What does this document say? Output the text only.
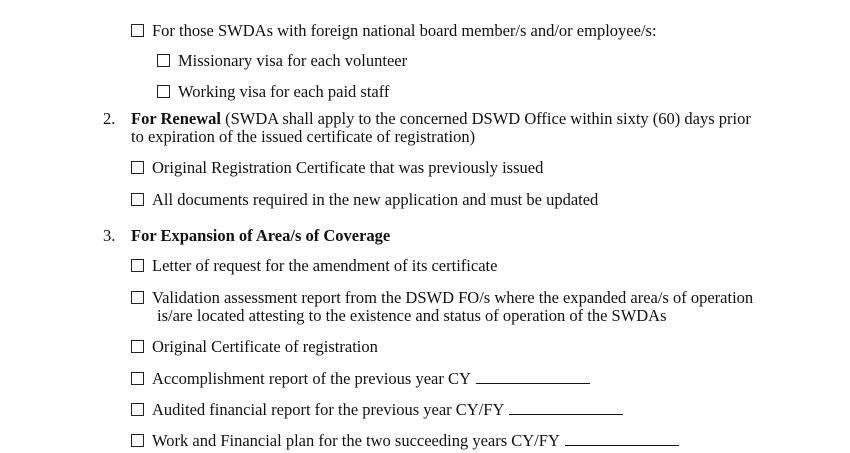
For those SWDAs with foreign national board member/s and/or employee/s:
Missionary visa for each volunteer
Working visa for each paid staff
2. For Renewal (SWDA shall apply to the concerned DSWD Office within sixty (60) days prior
to expiration of the issued certificate of registration)
Original Registration Certificate that was previously issued
All documents required in the new application and must be updated
3. For Expansion of Area/s of Coverage
Letter of request for the amendment of its certificate
Validation assessment report from the DSWD FO/s where the expanded area/s of operation
is/are located attesting to the existence and status of operation of the SWDAs
Original Certificate of registration
Accomplishment report of the previous year CY
Audited financial report for the previous year CY/FY
Work and Financial plan for the two succeeding years CY/FY
